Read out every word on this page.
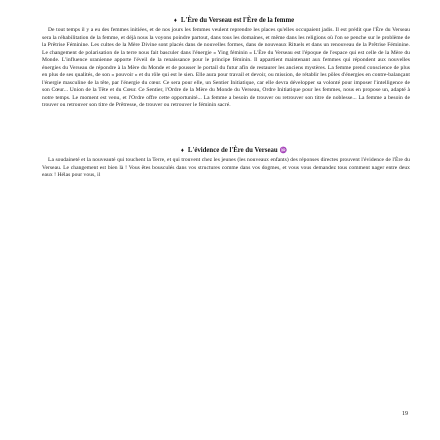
♦ L'Ère du Verseau est l'Ère de la femme

De tout temps il y a eu des femmes initiées, et de nos jours les femmes veulent reprendre les places qu'elles occupaient jadis. Il est prédit que l'Ère du Verseau sera la réhabilitation de la femme, et déjà nous la voyons poindre partout, dans tous les domaines, et même dans les religions où l'on se penche sur le problème de la Prêtrise Féminine. Les cultes de la Mère Divine sont placés dans de nouvelles formes, dans de nouveaux Rituels et dans un renouveau de la Prêtrise Féminine. Le changement de polarisation de la terre nous fait basculer dans l'énergie « Ying féminin » L'Ère du Verseau est l'époque de l'espace qui est celle de la Mère du Monde. L'influence uranienne apporte l'éveil de la renaissance pour le principe féminin. Il appartient maintenant aux femmes qui répondent aux nouvelles énergies du Verseau de répondre à la Mère du Monde et de pousser le portail du futur afin de restaurer les anciens mystères. La femme prend conscience de plus en plus de ses qualités, de son « pouvoir » et du rôle qui est le sien. Elle aura pour travail et devoir, ou mission, de rétablir les pôles d'énergies en contre-balançant l'énergie masculine de la tête, par l'énergie du cœur. Ce sera pour elle, un Sentier Initiatique, car elle devra développer sa volonté pour imposer l'intelligence de son Cœur... Union de la Tête et du Cœur. Ce Sentier, l'Ordre de la Mère du Monde du Verseau, Ordre Initiatique pour les femmes, nous en propose un, adapté à notre temps. Le moment est venu, et l'Ordre offre cette opportunité... La femme a besoin de trouver ou retrouver son titre de noblesse... La femme a besoin de trouver ou retrouver son titre de Prêtresse, de trouver ou retrouver le féminin sacré.

♦ L'évidence de l'Ère du Verseau ♒

La soudaineté et la nouveauté qui touchent la Terre, et qui trouvent chez les jeunes (les nouveaux enfants) des réponses directes prouvent l'évidence de l'Ère du Verseau. Le changement est bien là ! Vous êtes bousculés dans vos structures comme dans vos dogmes, et vous vous demandez tous comment nager entre deux eaux ! Hélas pour vous, il

19
